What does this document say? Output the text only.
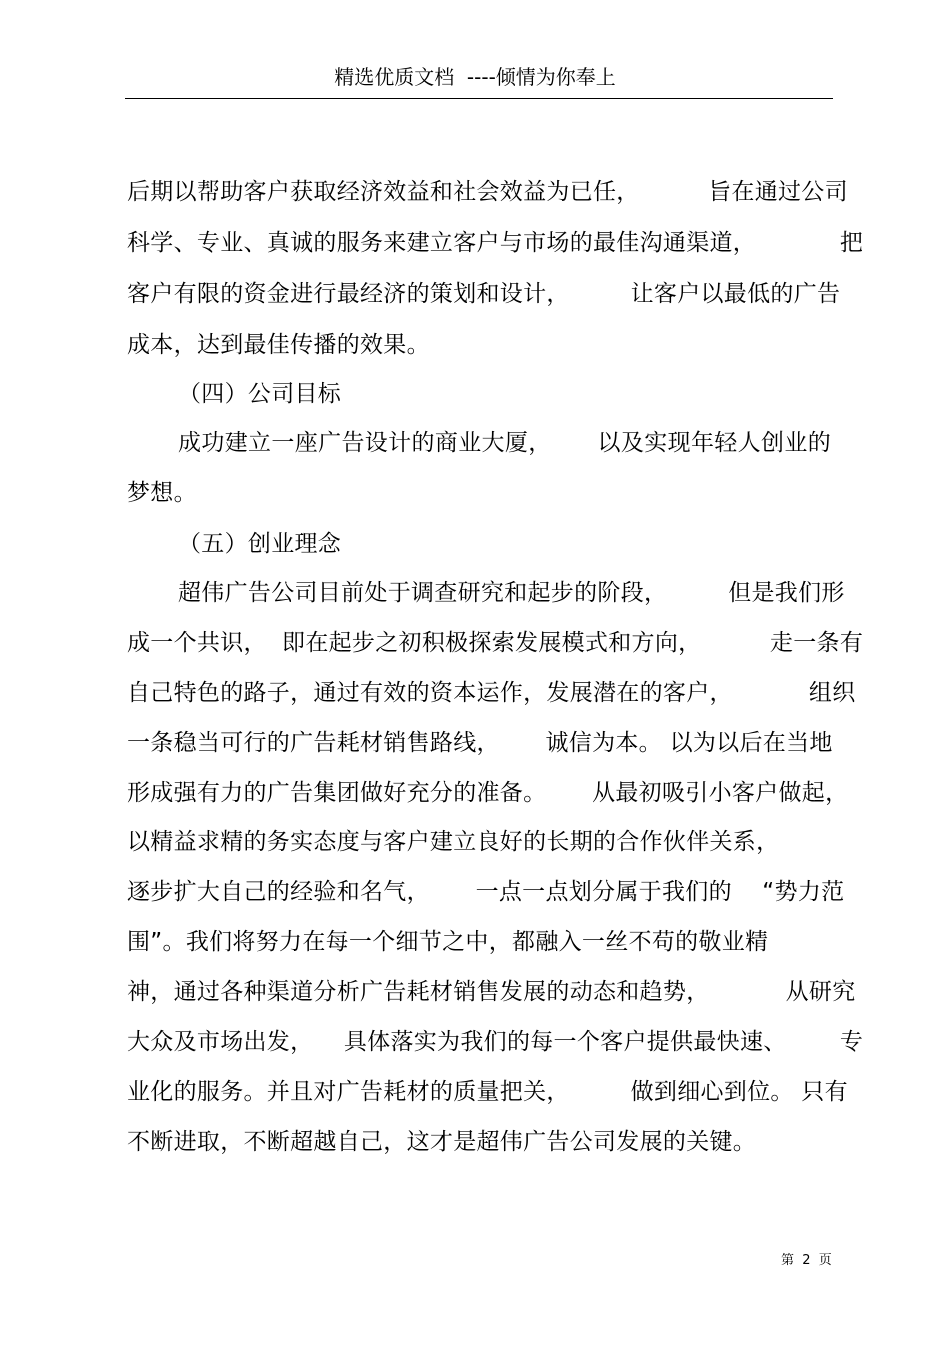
精选优质文档  ----倾情为你奉上
后期以帮助客户获取经济效益和社会效益为已任，         旨在通过公司
科学、专业、真诚的服务来建立客户与市场的最佳沟通渠道，           把
客户有限的资金进行最经济的策划和设计，        让客户以最低的广告
成本，达到最佳传播的效果。
（四）公司目标
成功建立一座广告设计的商业大厦，      以及实现年轻人创业的
梦想。
（五）创业理念
超伟广告公司目前处于调查研究和起步的阶段，        但是我们形
成一个共识，  即在起步之初积极探索发展模式和方向，         走一条有
自己特色的路子，通过有效的资本运作，发展潜在的客户，          组织
一条稳当可行的广告耗材销售路线，      诚信为本。 以为以后在当地
形成强有力的广告集团做好充分的准备。      从最初吸引小客户做起，
以精益求精的务实态度与客户建立良好的长期的合作伙伴关系，
逐步扩大自己的经验和名气，      一点一点划分属于我们的    “势力范
围”。我们将努力在每一个细节之中，都融入一丝不苟的敬业精
神，通过各种渠道分析广告耗材销售发展的动态和趋势，          从研究
大众及市场出发，    具体落实为我们的每一个客户提供最快速、       专
业化的服务。并且对广告耗材的质量把关，        做到细心到位。 只有
不断进取，不断超越自己，这才是超伟广告公司发展的关键。
第  2  页
